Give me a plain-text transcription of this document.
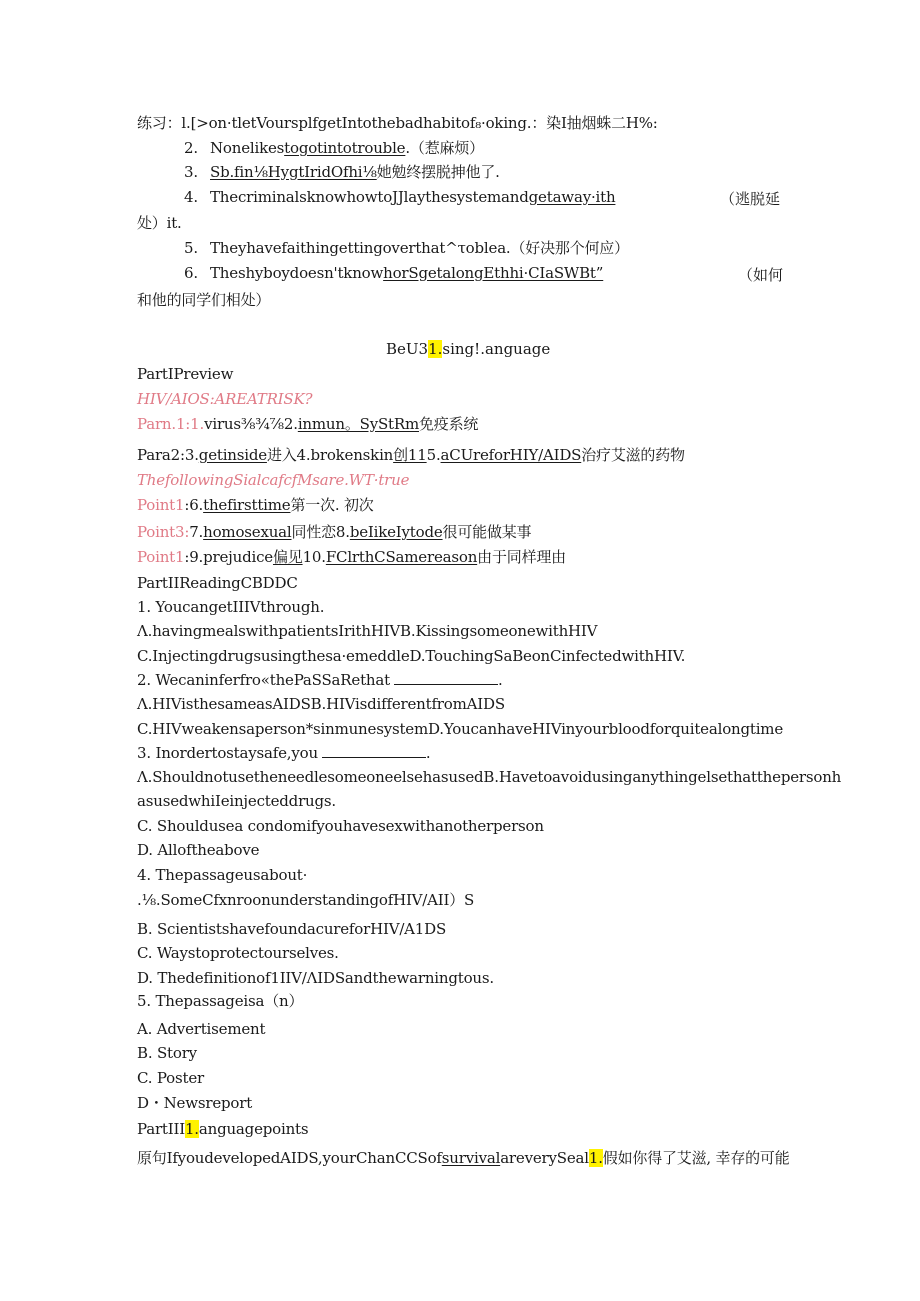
练习：l.[>on·tletVoursplfgetIntothebadhabitof₈·oking.：染I抽烟蛛二H%:
2. Nonelikestogotintotrouble.（惹麻烦）
3. Sb.fin⅛HygtIridOfhi⅛她勉终摆脱抻他了.
4. ThecriminalsknowhowtoJJlaythesystemandgetaway·ith	（逃脱延
处）it.
5. Theyhavefaithingettingoverthat^τoblea.（好决那个何应）
6. Theshyboydoesn'tknowhorSgetalongEthhi·CIaSWBt”	（如何
和他的同学们相处）
BeU31.sing!.anguage
PartIPreview
HIV/AIOS:AREATRISK?
Parn.1:1.virus⅜¾⅞2.inmun。SyStRm免疫系统
Para2:3.getinside进入4.brokenskin创115.aCUreforHIY/AIDS治疗艾滋的药物
ThefollowingSialcafcfMsare.WT·true
Point1:6.thefirsttime第一次. 初次
Point3:7.homosexual同性恋8.beIikeIytode很可能做某事
Point1:9.prejudice偏见10.FClrthCSamereason由于同样理由
PartIIReadingCBDDC
1. YoucangetIIIVthrough.
Λ.havingmealswithpatientsIrithHIVB.KissingsomeonewithHIV
C.Injectingdrugsusingthesa·emeddleD.TouchingSaBeonCinfectedwithHIV.
2. Wecaninferfro«thePaSSaRethat	.
Λ.HIVisthesameasAIDSB.HIVisdifferentfromAIDS
C.HIVweakensaperson*sinmunesystemD.YoucanhaveHIVinyourbloodforquitealongtime
3. Inordertostaysafe,you	.
Λ.ShouldnotusetheneedlesomeoneelsehasusedB.Havetoavoidusinganythingelsethatthepersonh
asusedwhiIeinjecteddrugs.
C. Shouldusea condomifyouhavesexwithanotherperson
D. Alloftheabove
4. Thepassageusabout·
.⅛.SomeCfxnroonunderstandingofHIV/AII）S
B. ScientistshavefoundacureforHIV/A1DS
C. Waystoprotectourselves.
D. Thedefinitionof1IIV/ΛIDSandthewarningtous.
5. Thepassageisa（n）
A. Advertisement
B. Story
C. Poster
D・Newsreport
PartIII1.anguagepoints
原句IfyoudevelopedAIDS,yourChanCCSofsurvivalareverySeal1.假如你得了艾滋, 幸存的可能
